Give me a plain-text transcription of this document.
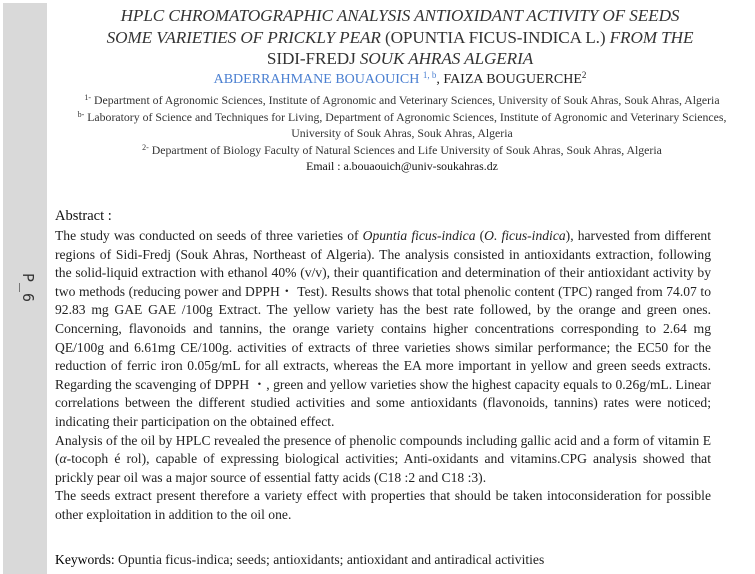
P_6
HPLC CHROMATOGRAPHIC ANALYSIS ANTIOXIDANT ACTIVITY OF SEEDS
SOME VARIETIES OF PRICKLY PEAR (OPUNTIA FICUS-INDICA L.) FROM THE
SIDI-FREDJ SOUK AHRAS ALGERIA
ABDERRAHMANE BOUAOUICH $^{1, b}$, FAIZA BOUGUERCHE$^2$
$^{1-}$ Department of Agronomic Sciences, Institute of Agronomic and Veterinary Sciences, University of Souk Ahras, Souk Ahras, Algeria
$^{b-}$ Laboratory of Science and Techniques for Living, Department of Agronomic Sciences, Institute of Agronomic and Veterinary Sciences, University of Souk Ahras, Souk Ahras, Algeria
$^{2-}$ Department of Biology Faculty of Natural Sciences and Life University of Souk Ahras, Souk Ahras, Algeria
Email : a.bouaouich@univ-soukahras.dz
Abstract :

The study was conducted on seeds of three varieties of Opuntia ficus-indica (O. ficus-indica), harvested from different regions of Sidi-Fredj (Souk Ahras, Northeast of Algeria). The analysis consisted in antioxidants extraction, following the solid-liquid extraction with ethanol 40% (v/v), their quantification and determination of their antioxidant activity by two methods (reducing power and DPPH・ Test). Results shows that total phenolic content (TPC) ranged from 74.07 to 92.83 mg GAE GAE /100g Extract. The yellow variety has the best rate followed, by the orange and green ones. Concerning, flavonoids and tannins, the orange variety contains higher concentrations corresponding to 2.64 mg QE/100g and 6.61mg CE/100g. activities of extracts of three varieties shows similar performance; the EC50 for the reduction of ferric iron 0.05g/mL for all extracts, whereas the EA more important in yellow and green seeds extracts. Regarding the scavenging of DPPH ・, green and yellow varieties show the highest capacity equals to 0.26g/mL. Linear correlations between the different studied activities and some antioxidants (flavonoids, tannins) rates were noticed; indicating their participation on the obtained effect.

Analysis of the oil by HPLC revealed the presence of phenolic compounds including gallic acid and a form of vitamin E (α-tocoph é rol), capable of expressing biological activities; Anti-oxidants and vitamins.CPG analysis showed that prickly pear oil was a major source of essential fatty acids (C18 :2 and C18 :3).

The seeds extract present therefore a variety effect with properties that should be taken intoconsideration for possible other exploitation in addition to the oil one.

Keywords: Opuntia ficus-indica; seeds; antioxidants; antioxidant and antiradical activities
